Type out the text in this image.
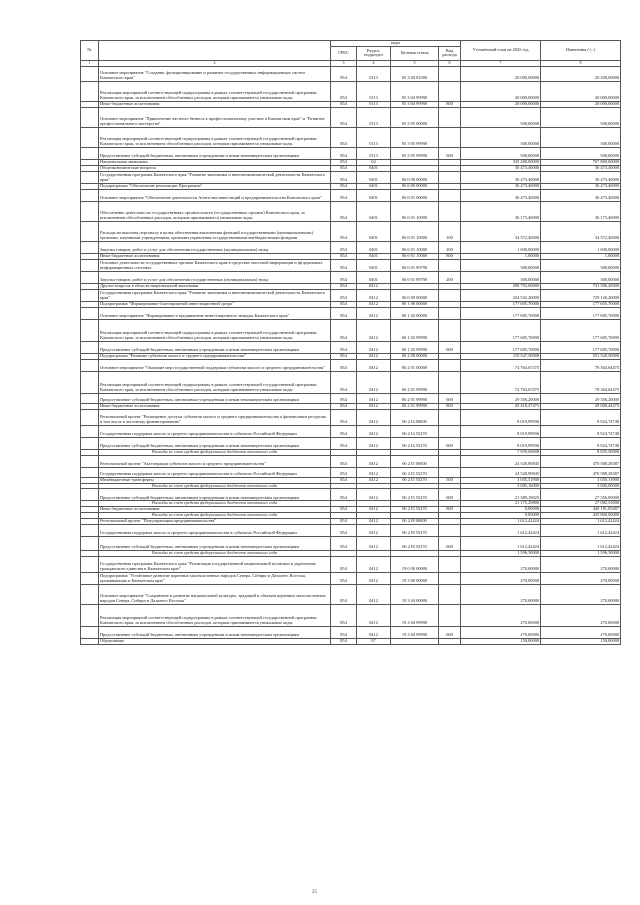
№		коды				Уточнённый план на 2025 год	Изменения (+,-)
		ГРБС	Раздел, подраздел	Целевая статья	Вид расхода		
1	2	3	4	5	6	7	8
	Основное мероприятие "Создание, функционирование и развитие государственных информационных систем Камчатского края"	854	0113	05 3 04 01000		20 000,00000	20 200,00000
	Реализация мероприятий соответствующей подпрограммы в рамках соответствующей государственной программы Камчатского края, за исключением обособленных расходов, которым присваиваются уникальные коды	854	0113	05 3 04 99990		20 000,00000	20 000,00000
	Иные бюджетные ассигнования	854	0113	05 3 04 99990	800	20 000,00000	20 000,00000
	Основное мероприятие "Привлечение частного бизнеса к профессиональному участию в Камчатском крае" и "Развитие профессионального мастерства"	854	0113	05 3 05 00000		500,00000	500,00000
	Реализация мероприятий соответствующей подпрограммы в рамках соответствующей государственной программы Камчатского края, за исключением обособленных расходов, которым присваиваются уникальные коды	854	0113	05 3 05 99990		500,00000	500,00000
	Предоставление субсидий бюджетным, автономным учреждениям и иным некоммерческим организациям	854	0113	05 3 05 99990	600	500,00000	500,00000
	Национальная экономика	854	04			335 268,00000	767 869,60000
	Общеэкономические вопросы	854	0401			36 473,40000	36 473,40000
	Государственная программа Камчатского края "Развитие экономики и внешнеэкономической деятельности Камчатского края"	854	0401	06 0 00 00000		36 473,40000	36 473,40000
	Подпрограмма "Обеспечение реализации Программы"	854	0401	06 6 00 00000		36 473,40000	36 473,40000
	Основное мероприятие "Обеспечение деятельности Агентства инвестиций и предпринимательства Камчатского края"	854	0401	06 6 01 00000		36 473,40000	36 473,40000
	Обеспечение деятельности государственных органов власти (государственных органов) Камчатского края, за исключением обособленных расходов, которым присваиваются уникальные коды	854	0401	06 6 01 10000		36 173,40000	36 173,40000
	Расходы на выплаты персоналу в целях обеспечения выполнения функций государственными (муниципальными) органами, казенными учреждениями, органами управления государственными внебюджетными фондами	854	0401	06 6 01 10000	100	34 572,40000	34 572,40000
	Закупка товаров, работ и услуг для обеспечения государственных (муниципальных) нужд	854	0401	06 6 01 10000	200	1 600,00000	1 600,00000
	Иные бюджетные ассигнования	854	0401	06 6 01 10000	800	1,00000	1,00000
	Основное деятельности государственных органов Камчатского края в средствах массовой информации и федеральных информационных системах	854	0401	06 6 01 99790		300,00000	300,00000
	Закупка товаров, работ и услуг для обеспечения государственных (муниципальных) нужд	854	0401	06 6 01 99790	200	300,00000	300,00000
	Другие вопросы в области национальной экономики	854	0412			298 792,60000	731 396,20000
	Государственная программа Камчатского края "Развитие экономики и внешнеэкономической деятельности Камчатского края"	854	0412	06 0 00 00000		254 532,20000	729 126,20000
	Подпрограмма "Формирование благоприятной инвестиционной среды"	854	0412	06 1 00 00000		177 605,70000	177 605,70000
	Основное мероприятие "Формирование и продвижение инвестиционного имиджа Камчатского края"	854	0412	06 1 02 00000		177 605,70000	177 605,70000
	Реализация мероприятий соответствующей подпрограммы в рамках соответствующей государственной программы Камчатского края, за исключением обособленных расходов, которым присваиваются уникальные коды	854	0412	06 1 02 99990		177 605,70000	177 605,70000
	Предоставление субсидий бюджетным, автономным учреждениям и иным некоммерческим организациям	854	0412	06 1 02 99990	600	177 605,70000	177 605,70000
	Подпрограмма "Развитие субъектов малого и среднего предпринимательства"	854	0412	06 2 00 00000		110 547,50000	551 520,50000
	Основное мероприятие "Оказание мер государственной поддержки субъектам малого и среднего предпринимательства"	854	0412	06 2 01 00000		74 764,67475	78 364,64475
	Реализация мероприятий соответствующей подпрограммы в рамках соответствующей государственной программы Камчатского края, за исключением обособленных расходов, которым присваиваются уникальные коды	854	0412	06 2 01 99990		74 764,67475	78 364,64475
	Предоставление субсидий бюджетным, автономным учреждениям и иным некоммерческим организациям	854	0412	06 2 01 99990	600	29 356,20000	29 356,20000
	Иные бюджетные ассигнования	854	0412	06 2 01 99990	800	45 418,47475	49 008,44475
	Региональный проект "Расширение доступа субъектов малого и среднего предпринимательства к финансовым ресурсам, в том числе к льготному финансированию"	854	0412	06 2 I4 00000		8 019,99596	8 924,74748
	Государственная поддержка малого и среднего предпринимательства в субъектах Российской Федерации	854	0412	06 2 I4 55270		8 019,99596	8 924,74748
	Предоставление субсидий бюджетным, автономным учреждениям и иным некоммерческим организациям	854	0412	06 2 I4 55270	600	8 019,99596	8 924,74748
	Расходы за счет средств федерального бюджета отчетного года					7 939,69600	8 835,50000
	Региональный проект "Акселерация субъектов малого и среднего предпринимательства"	854	0412	06 2 I5 00000		24 520,90845	470 588,28387
	Государственная поддержка малого и среднего предпринимательства в субъектах Российской Федерации	854	0412	06 2 I5 55270		24 520,90845	470 588,28387
	Межбюджетные трансферты	854	0412	06 2 I5 55270	500	3 035,51900	3 050,13900
	Расходы за счет средств федерального бюджета отчетного года					3 005,16000	3 000,00000
	Предоставление субсидий бюджетным, автономным учреждениям и иным некоммерческим организациям	854	0412	06 2 I5 55270	600	21 389,19025	27 356,09000
	Расходы за счет средств федерального бюджета отчетного года					21 175,29800	27 082,53000
	Иные бюджетные ассигнования	854	0412	06 2 I5 55270	800	0,00000	440 181,05487
	Расходы за счет средств федерального бюджета отчетного года					0,00000	435 800,00000
	Региональный проект "Популяризация предпринимательства"	854	0412	06 2 I8 00000		1 612,42424	1 612,42424
	Государственная поддержка малого и среднего предпринимательства в субъектах Российской Федерации	854	0412	06 2 I8 55270		1 612,42424	1 612,42424
	Предоставление субсидий бюджетным, автономным учреждениям и иным некоммерческим организациям	854	0412	06 2 I8 55270	600	1 612,42424	1 612,42424
	Расходы за счет средств федерального бюджета отчетного года					1 596,30000	1 596,30000
	Государственная программа Камчатского края "Реализация государственной национальной политики и укрепление гражданского единства в Камчатском крае"	854	0412	19 0 00 00000		270,00000	270,00000
	Подпрограмма "Устойчивое развитие коренных малочисленных народов Севера, Сибири и Дальнего Востока, проживающих в Камчатском крае"	854	0412	19 3 00 00000		270,00000	270,00000
	Основное мероприятие "Сохранение и развитие национальной культуры, традиций и обычаев коренных малочисленных народов Севера, Сибири и Дальнего Востока"	854	0412	19 3 04 00000		270,00000	270,00000
	Реализация мероприятий соответствующей подпрограммы в рамках соответствующей государственной программы Камчатского края, за исключением обособленных расходов, которым присваиваются уникальные коды	854	0412	19 3 04 99990		270,00000	270,00000
	Предоставление субсидий бюджетным, автономным учреждениям и иным некоммерческим организациям	854	0412	19 3 04 99990	600	270,00000	270,00000
	Образование	854	07			150,00000	150,00000
25
